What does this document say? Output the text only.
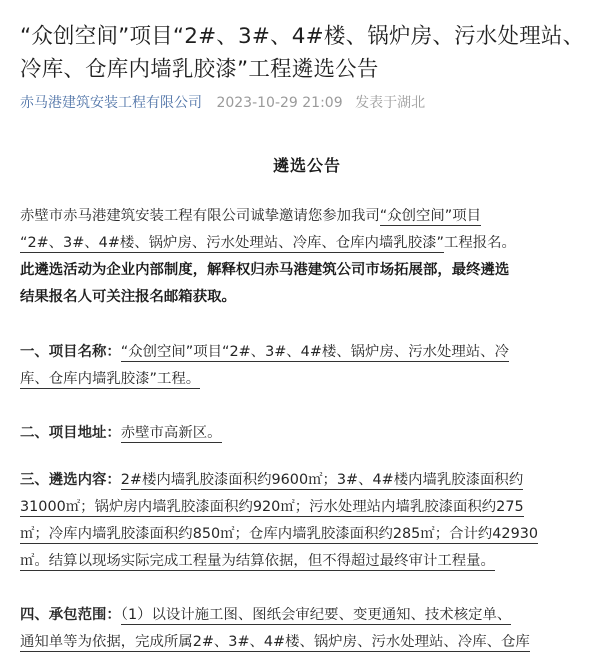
“众创空间”项目“2#、3#、4#楼、锅炉房、污水处理站、冷库、仓库内墙乳胶漆”工程遴选公告
赤马港建筑安装工程有限公司 2023-10-29 21:09 发表于湖北
遴选公告
赤壁市赤马港建筑安装工程有限公司诚挚邀请您参加我司“众创空间”项目
“2#、3#、4#楼、锅炉房、污水处理站、冷库、仓库内墙乳胶漆”工程报名。
此遴选活动为企业内部制度，解释权归赤马港建筑公司市场拓展部，最终遴选
结果报名人可关注报名邮箱获取。
一、项目名称：“众创空间”项目“2#、3#、4#楼、锅炉房、污水处理站、冷
库、仓库内墙乳胶漆”工程。
二、项目地址：赤壁市高新区。
三、遴选内容：2#楼内墙乳胶漆面积约9600㎡；3#、4#楼内墙乳胶漆面积约
31000㎡；锅炉房内墙乳胶漆面积约920㎡；污水处理站内墙乳胶漆面积约275
㎡；冷库内墙乳胶漆面积约850㎡；仓库内墙乳胶漆面积约285㎡；合计约42930
㎡。结算以现场实际完成工程量为结算依据，但不得超过最终审计工程量。
四、承包范围：（1）以设计施工图、图纸会审纪要、变更通知、技术核定单、
通知单等为依据，完成所属2#、3#、4#楼、锅炉房、污水处理站、冷库、仓库
